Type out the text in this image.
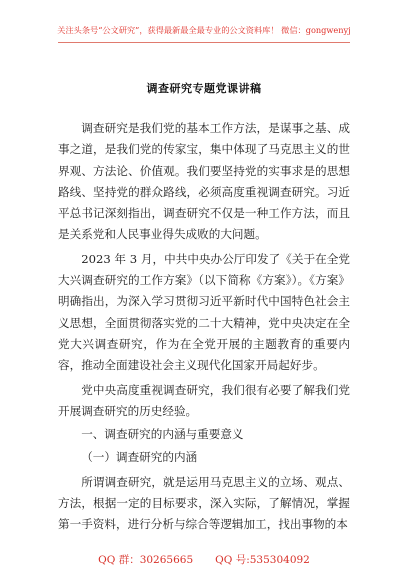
关注头条号“公文研究”，获得最新最全最专业的公文资料库！ 微信：gongwenyj
调查研究专题党课讲稿

调查研究是我们党的基本工作方法，是谋事之基、成事之道，是我们党的传家宝，集中体现了马克思主义的世界观、方法论、价值观。我们要坚持党的实事求是的思想路线、坚持党的群众路线，必须高度重视调查研究。习近平总书记深刻指出，调查研究不仅是一种工作方法，而且是关系党和人民事业得失成败的大问题。

2023 年 3 月，中共中央办公厅印发了《关于在全党大兴调查研究的工作方案》（以下简称《方案》）。《方案》明确指出，为深入学习贯彻习近平新时代中国特色社会主义思想，全面贯彻落实党的二十大精神，党中央决定在全党大兴调查研究，作为在全党开展的主题教育的重要内容，推动全面建设社会主义现代化国家开局起好步。

党中央高度重视调查研究，我们很有必要了解我们党开展调查研究的历史经验。

一、调查研究的内涵与重要意义

（一）调查研究的内涵

所谓调查研究，就是运用马克思主义的立场、观点、方法，根据一定的目标要求，深入实际，了解情况，掌握第一手资料，进行分析与综合等逻辑加工，找出事物的本

QQ 群：30265665 QQ 号:535304092
